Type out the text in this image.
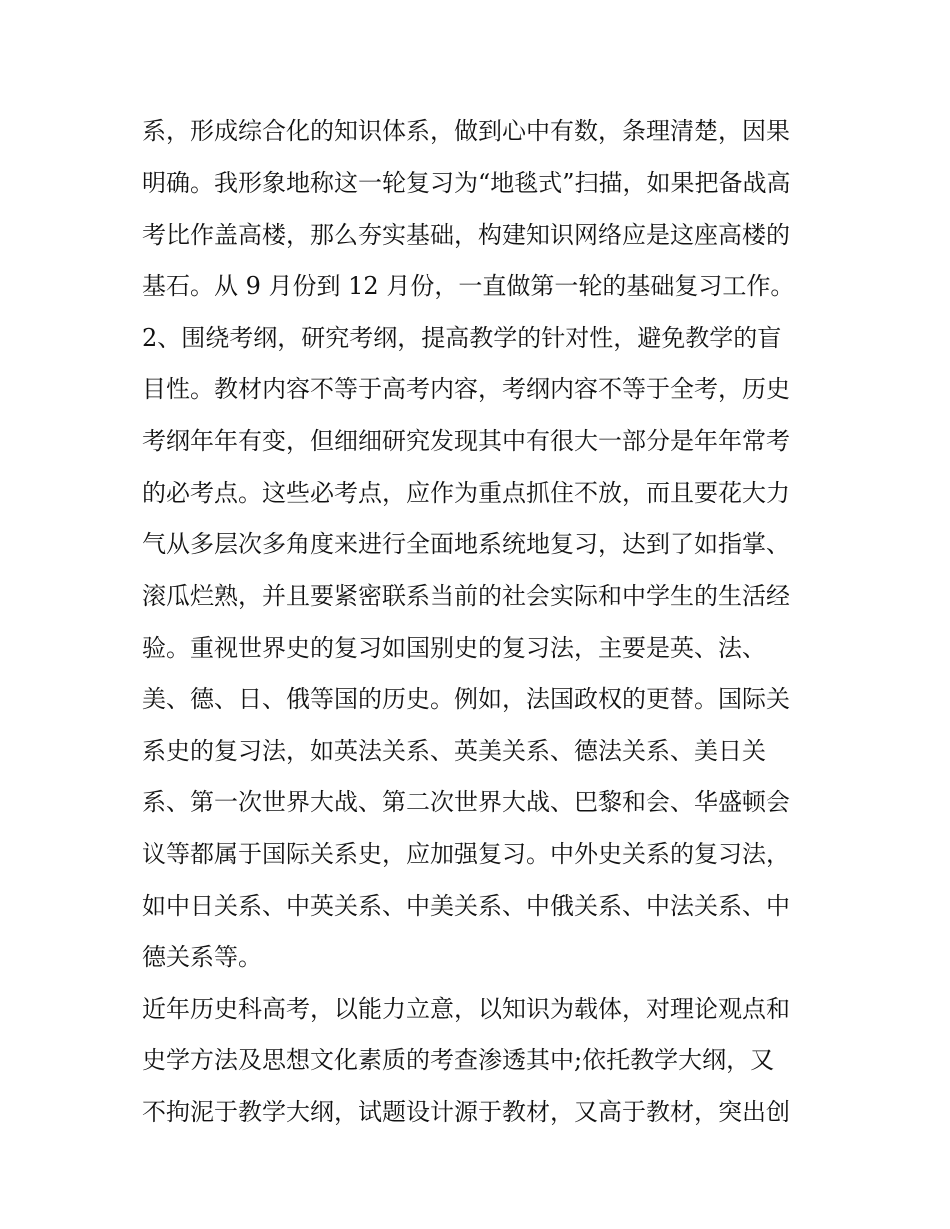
系，形成综合化的知识体系，做到心中有数，条理清楚，因果
明确。我形象地称这一轮复习为“地毯式”扫描，如果把备战高
考比作盖高楼，那么夯实基础，构建知识网络应是这座高楼的
基石。从 9 月份到 12 月份，一直做第一轮的基础复习工作。
2、围绕考纲，研究考纲，提高教学的针对性，避免教学的盲
目性。教材内容不等于高考内容，考纲内容不等于全考，历史
考纲年年有变，但细细研究发现其中有很大一部分是年年常考
的必考点。这些必考点，应作为重点抓住不放，而且要花大力
气从多层次多角度来进行全面地系统地复习，达到了如指掌、
滚瓜烂熟，并且要紧密联系当前的社会实际和中学生的生活经
验。重视世界史的复习如国别史的复习法，主要是英、法、
美、德、日、俄等国的历史。例如，法国政权的更替。国际关
系史的复习法，如英法关系、英美关系、德法关系、美日关
系、第一次世界大战、第二次世界大战、巴黎和会、华盛顿会
议等都属于国际关系史，应加强复习。中外史关系的复习法，
如中日关系、中英关系、中美关系、中俄关系、中法关系、中
德关系等。
近年历史科高考，以能力立意，以知识为载体，对理论观点和
史学方法及思想文化素质的考查渗透其中;依托教学大纲，又
不拘泥于教学大纲，试题设计源于教材，又高于教材，突出创
